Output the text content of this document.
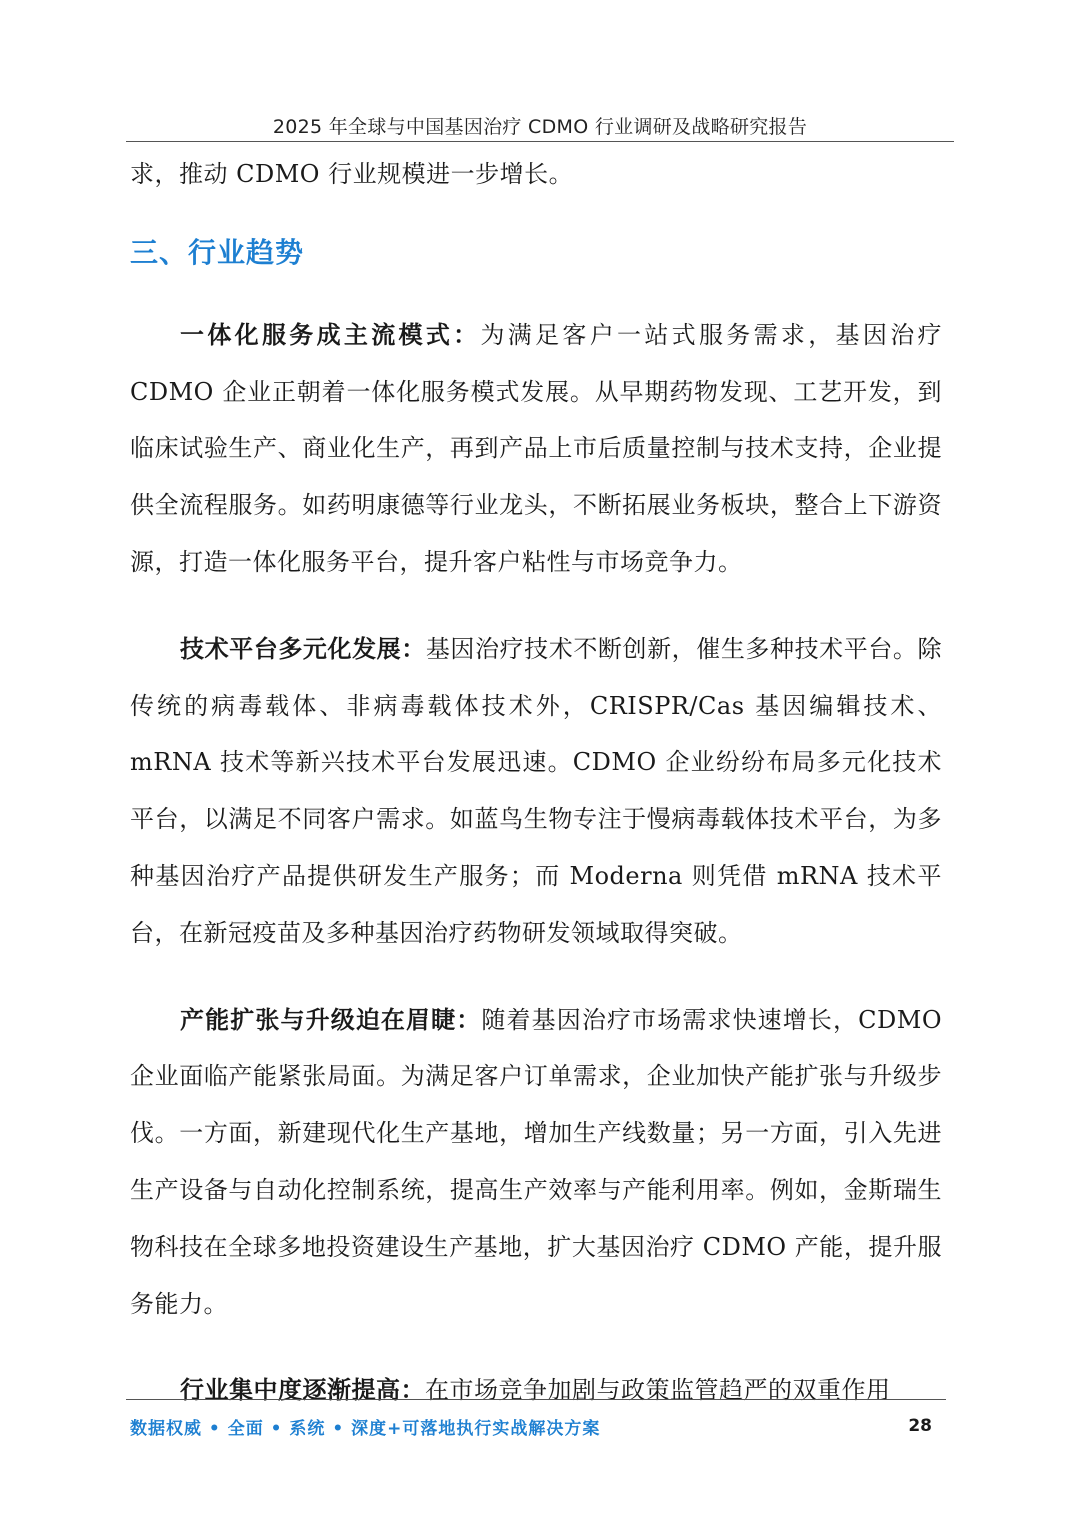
2025 年全球与中国基因治疗 CDMO 行业调研及战略研究报告

求，推动 CDMO 行业规模进一步增长。

三、行业趋势

一体化服务成主流模式：为满足客户一站式服务需求，基因治疗 CDMO 企业正朝着一体化服务模式发展。从早期药物发现、工艺开发，到临床试验生产、商业化生产，再到产品上市后质量控制与技术支持，企业提供全流程服务。如药明康德等行业龙头，不断拓展业务板块，整合上下游资源，打造一体化服务平台，提升客户粘性与市场竞争力。

技术平台多元化发展：基因治疗技术不断创新，催生多种技术平台。除传统的病毒载体、非病毒载体技术外，CRISPR/Cas 基因编辑技术、mRNA 技术等新兴技术平台发展迅速。CDMO 企业纷纷布局多元化技术平台，以满足不同客户需求。如蓝鸟生物专注于慢病毒载体技术平台，为多种基因治疗产品提供研发生产服务；而 Moderna 则凭借 mRNA 技术平台，在新冠疫苗及多种基因治疗药物研发领域取得突破。

产能扩张与升级迫在眉睫：随着基因治疗市场需求快速增长，CDMO 企业面临产能紧张局面。为满足客户订单需求，企业加快产能扩张与升级步伐。一方面，新建现代化生产基地，增加生产线数量；另一方面，引入先进生产设备与自动化控制系统，提高生产效率与产能利用率。例如，金斯瑞生物科技在全球多地投资建设生产基地，扩大基因治疗 CDMO 产能，提升服务能力。

行业集中度逐渐提高：在市场竞争加剧与政策监管趋严的双重作用

数据权威 • 全面 • 系统 • 深度+可落地执行实战解决方案	28
